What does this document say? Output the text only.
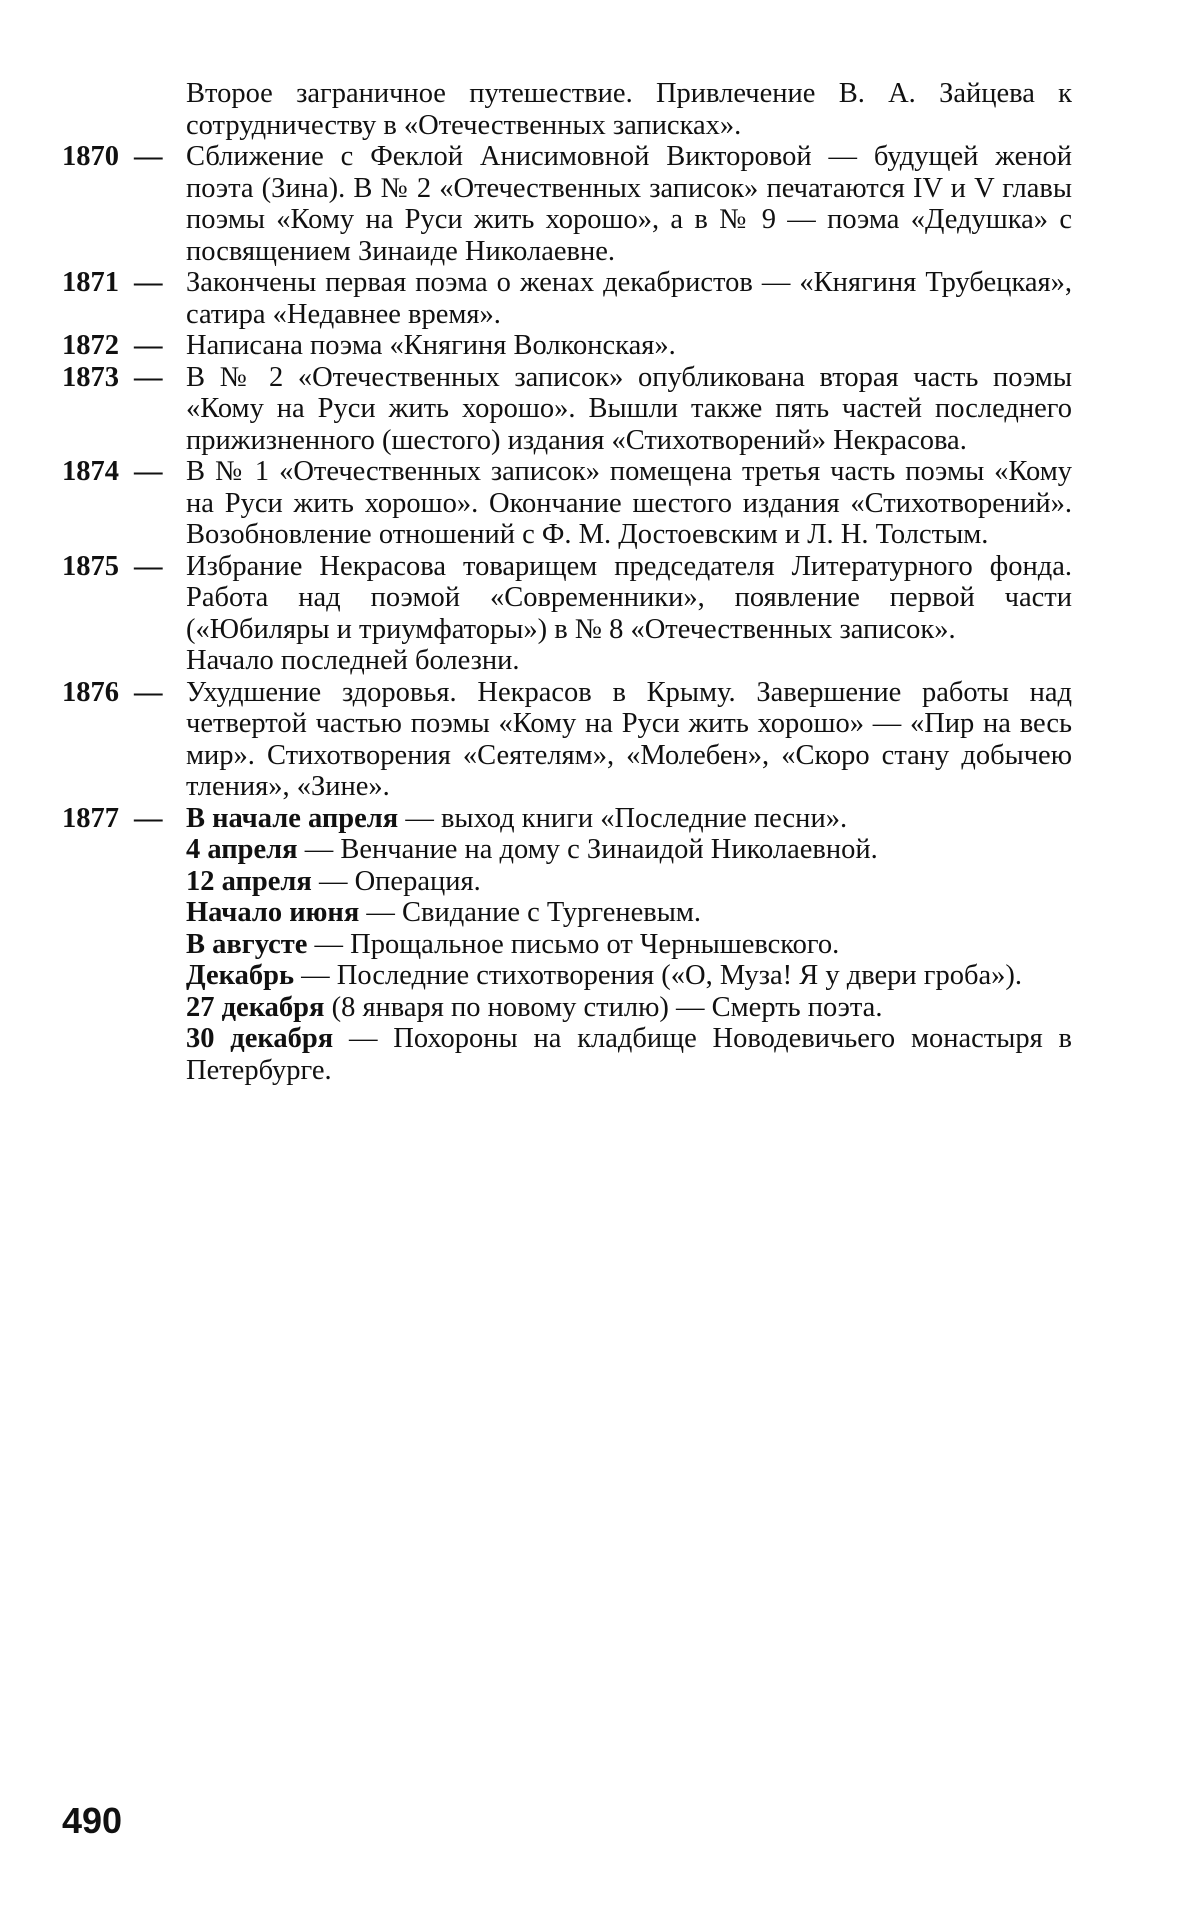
Второе заграничное путешествие. Привлечение В. А. Зайцева к сотрудничеству в «Отечественных записках».
1870 — Сближение с Феклой Анисимовной Викторовой — будущей женой поэта (Зина). В № 2 «Отечественных записок» печатаются IV и V главы поэмы «Кому на Руси жить хорошо», а в № 9 — поэма «Дедушка» с посвящением Зинаиде Николаевне.
1871 — Закончены первая поэма о женах декабристов — «Княгиня Трубецкая», сатира «Недавнее время».
1872 — Написана поэма «Княгиня Волконская».
1873 — В № 2 «Отечественных записок» опубликована вторая часть поэмы «Кому на Руси жить хорошо». Вышли также пять частей последнего прижизненного (шестого) издания «Стихотворений» Некрасова.
1874 — В № 1 «Отечественных записок» помещена третья часть поэмы «Кому на Руси жить хорошо». Окончание шестого издания «Стихотворений». Возобновление отношений с Ф. М. Достоевским и Л. Н. Толстым.
1875 — Избрание Некрасова товарищем председателя Литературного фонда. Работа над поэмой «Современники», появление первой части («Юбиляры и триумфаторы») в № 8 «Отечественных записок».
Начало последней болезни.
1876 — Ухудшение здоровья. Некрасов в Крыму. Завершение работы над четвертой частью поэмы «Кому на Руси жить хорошо» — «Пир на весь мир». Стихотворения «Сеятелям», «Молебен», «Скоро стану добычею тления», «Зине».
1877 — В начале апреля — выход книги «Последние песни».

4 апреля — Венчание на дому с Зинаидой Николаевной.

12 апреля — Операция.

Начало июня — Свидание с Тургеневым.

В августе — Прощальное письмо от Чернышевского.

Декабрь — Последние стихотворения («О, Муза! Я у двери гроба»).

27 декабря (8 января по новому стилю) — Смерть поэта.

30 декабря — Похороны на кладбище Новодевичьего монастыря в Петербурге.

490
